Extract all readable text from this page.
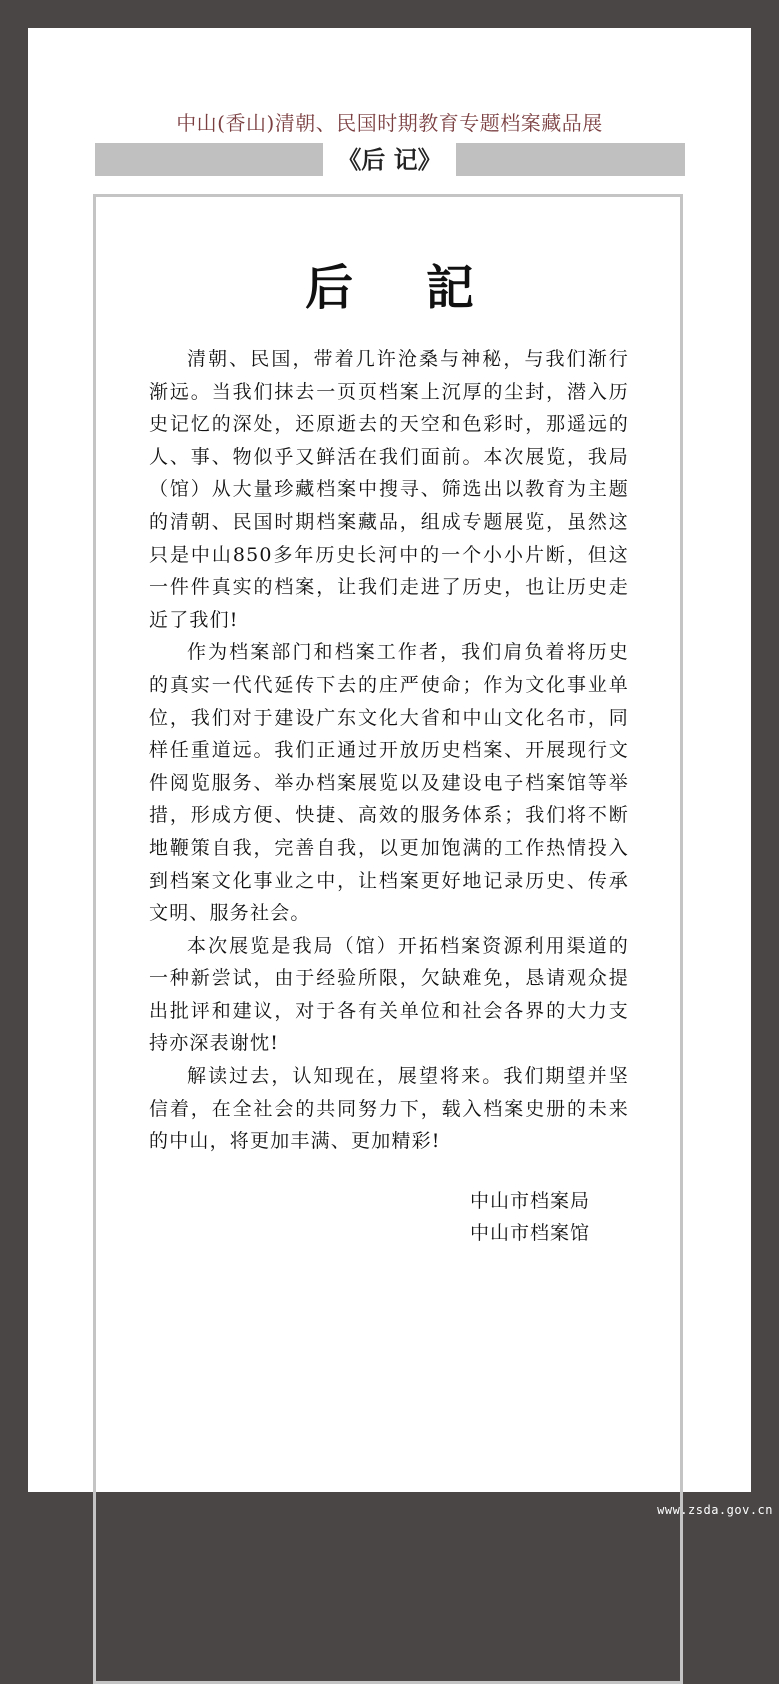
中山(香山)清朝、民国时期教育专题档案藏品展
《后 记》
后 記

清朝、民国，带着几许沧桑与神秘，与我们渐行渐远。当我们抹去一页页档案上沉厚的尘封，潜入历史记忆的深处，还原逝去的天空和色彩时，那遥远的人、事、物似乎又鲜活在我们面前。本次展览，我局（馆）从大量珍藏档案中搜寻、筛选出以教育为主题的清朝、民国时期档案藏品，组成专题展览，虽然这只是中山850多年历史长河中的一个小小片断，但这一件件真实的档案，让我们走进了历史，也让历史走近了我们!

作为档案部门和档案工作者，我们肩负着将历史的真实一代代延传下去的庄严使命；作为文化事业单位，我们对于建设广东文化大省和中山文化名市，同样任重道远。我们正通过开放历史档案、开展现行文件阅览服务、举办档案展览以及建设电子档案馆等举措，形成方便、快捷、高效的服务体系；我们将不断地鞭策自我，完善自我，以更加饱满的工作热情投入到档案文化事业之中，让档案更好地记录历史、传承文明、服务社会。

本次展览是我局（馆）开拓档案资源利用渠道的一种新尝试，由于经验所限，欠缺难免，恳请观众提出批评和建议，对于各有关单位和社会各界的大力支持亦深表谢忱!

解读过去，认知现在，展望将来。我们期望并坚信着，在全社会的共同努力下，载入档案史册的未来的中山，将更加丰满、更加精彩!

中山市档案局
中山市档案馆
www.zsda.gov.cn
